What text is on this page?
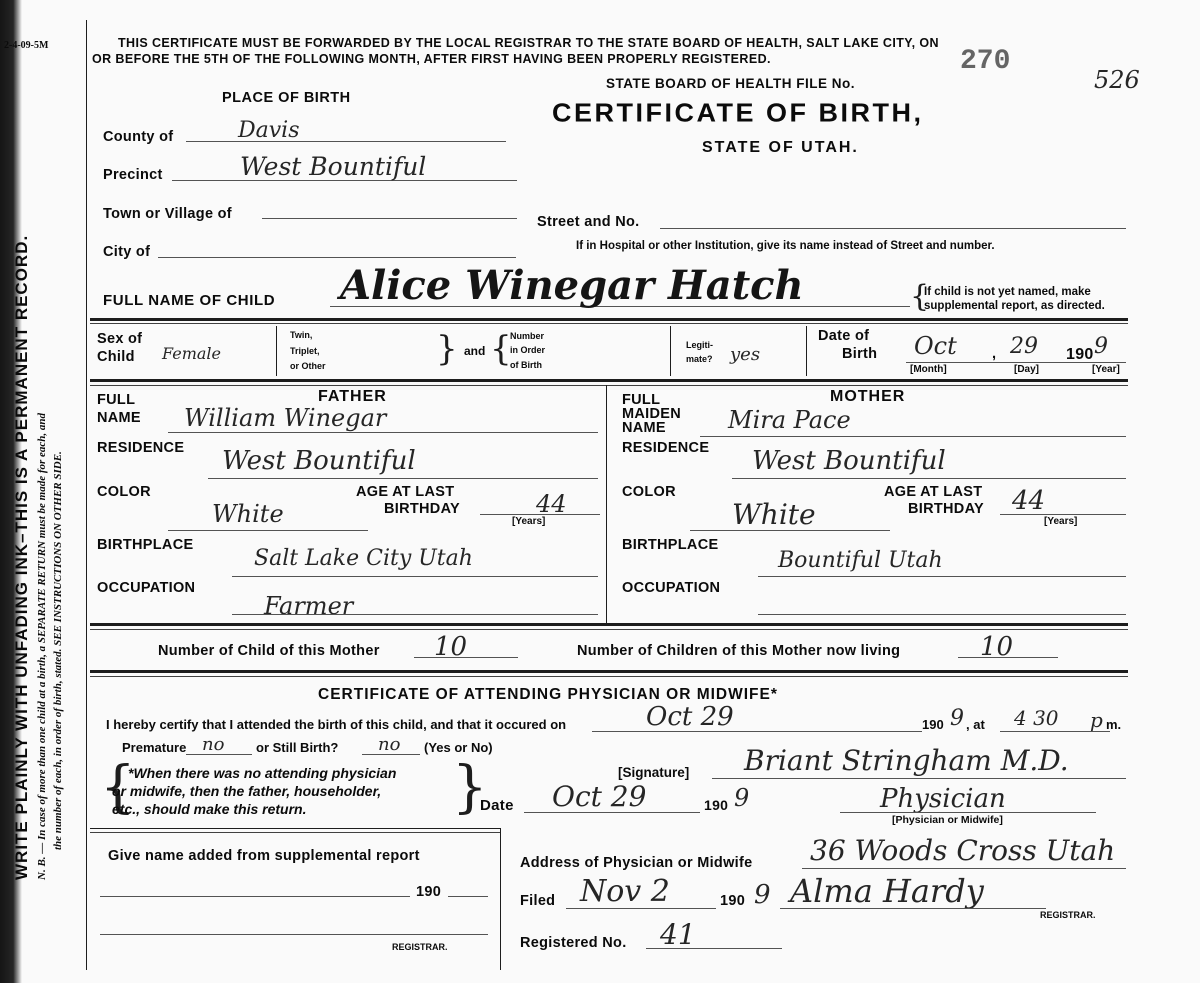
2-4-09-5M
WRITE PLAINLY WITH UNFADING INK–THIS IS A PERMANENT RECORD. N. B. — In case of more than one child at a birth, a SEPARATE RETURN must be made for each, and the number of each, in order of birth, stated. SEE INSTRUCTIONS ON OTHER SIDE.
THIS CERTIFICATE MUST BE FORWARDED BY THE LOCAL REGISTRAR TO THE STATE BOARD OF HEALTH, SALT LAKE CITY, ON
OR BEFORE THE 5TH OF THE FOLLOWING MONTH, AFTER FIRST HAVING BEEN PROPERLY REGISTERED.
STATE BOARD OF HEALTH FILE No.
270
526
PLACE OF BIRTH
CERTIFICATE OF BIRTH,
STATE OF UTAH.
County of	Davis
Precinct	West Bountiful
Town or Village of	Street and No.
If in Hospital or other Institution, give its name instead of Street and number.
City of
FULL NAME OF CHILD Alice Winegar Hatch	{
If child is not yet named, make
supplemental report, as directed.
Sex of
Child Female
Twin,
Triplet,
or Other	} and {
Number
in Order
of Birth
Legiti-
mate? yes
Date of
Birth Oct , 29 190 9
[Month]	[Day]	[Year]
FATHER
FULL
NAME William Winegar
RESIDENCE West Bountiful
COLOR
White
AGE AT LAST
BIRTHDAY	44
[Years]
BIRTHPLACE
Salt Lake City Utah
OCCUPATION
Farmer
MOTHER
FULL
MAIDEN
NAME	Mira Pace
RESIDENCE West Bountiful
COLOR
White
AGE AT LAST
BIRTHDAY 44
[Years]
BIRTHPLACE
Bountiful Utah
OCCUPATION
Number of Child of this Mother 10	Number of Children of this Mother now living	10
CERTIFICATE OF ATTENDING PHYSICIAN OR MIDWIFE*
I hereby certify that I attended the birth of this child, and that it occured on	Oct 29	190 9 , at 4 30 p m.
Premature no or Still Birth? no (Yes or No)
{
*When there was no attending physician
or midwife, then the father, householder,
etc., should make this return.	}	[Signature] Briant Stringham M.D.
Date Oct 29	190 9	Physician
[Physician or Midwife]
Give name added from supplemental report
190
REGISTRAR.
Address of Physician or Midwife 36 Woods Cross Utah
Filed Nov 2	190 9 Alma Hardy
REGISTRAR.
Registered No. 41
